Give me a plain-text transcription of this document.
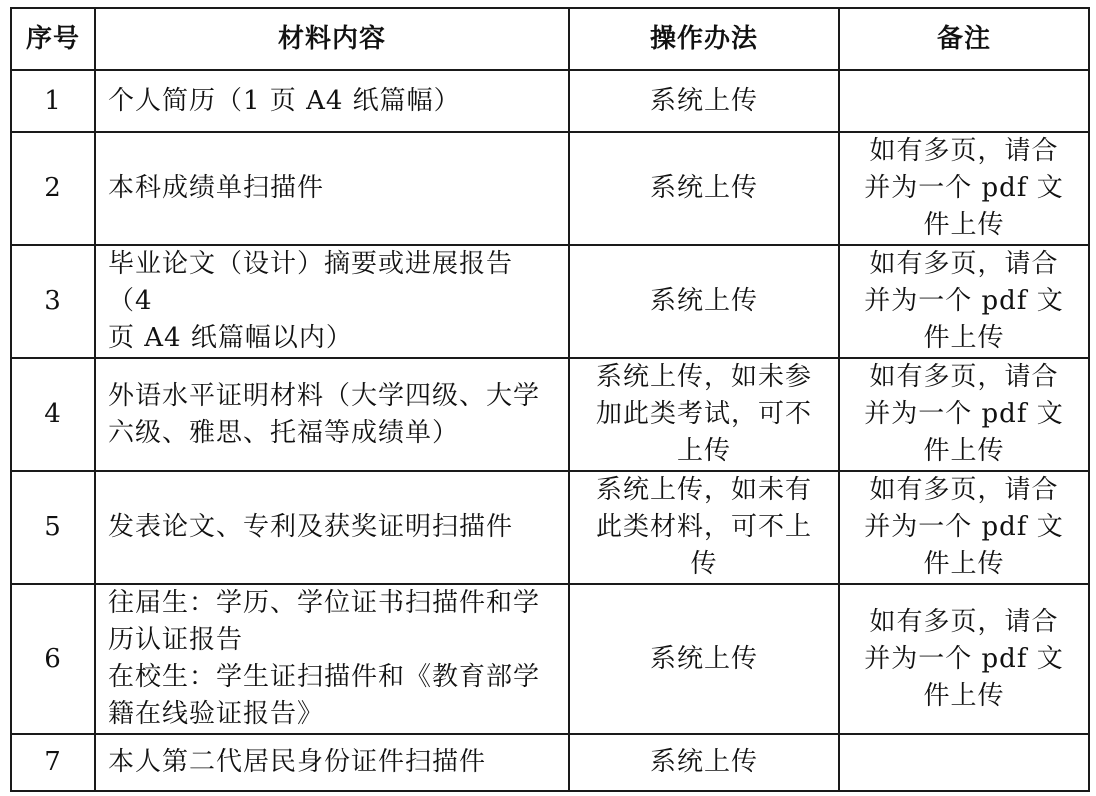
序号	材料内容	操作办法	备注
1	个人简历（1 页 A4 纸篇幅）	系统上传	

2	本科成绩单扫描件	系统上传	如有多页，请合
并为一个 pdf 文
件上传

3	毕业论文（设计）摘要或进展报告（4
页 A4 纸篇幅以内）	系统上传	如有多页，请合
并为一个 pdf 文
件上传

4	外语水平证明材料（大学四级、大学
六级、雅思、托福等成绩单）	系统上传，如未参
加此类考试，可不
上传	如有多页，请合
并为一个 pdf 文
件上传

5	发表论文、专利及获奖证明扫描件	系统上传，如未有
此类材料，可不上
传	如有多页，请合
并为一个 pdf 文
件上传

6	往届生：学历、学位证书扫描件和学
历认证报告
在校生：学生证扫描件和《教育部学
籍在线验证报告》	系统上传	如有多页，请合
并为一个 pdf 文
件上传

7	本人第二代居民身份证件扫描件	系统上传	
